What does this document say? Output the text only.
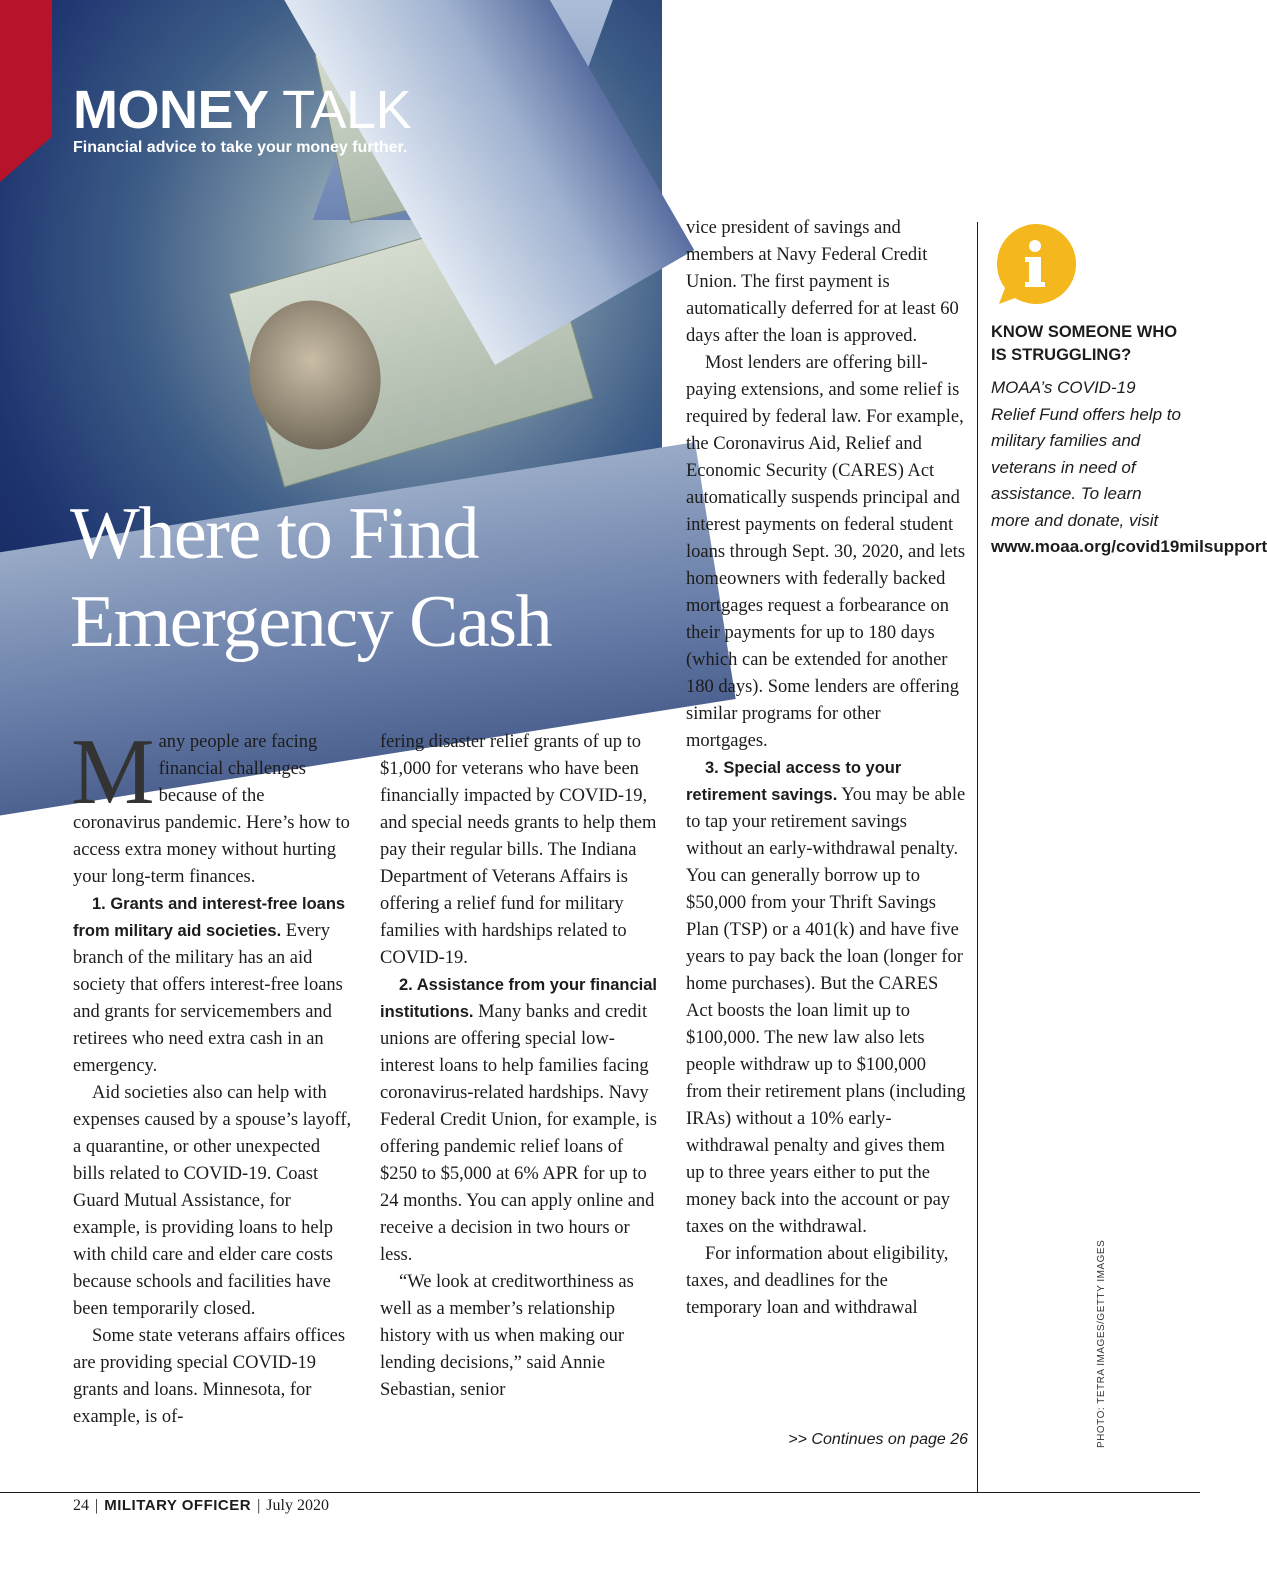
MONEY TALK
Financial advice to take your money further.
Where to Find
Emergency Cash

Many people are facing financial challenges because of the coronavirus pandemic. Here’s how to access extra money without hurting your long-term finances.

1. Grants and interest-free loans from military aid societies. Every branch of the military has an aid society that offers interest-free loans and grants for servicemembers and retirees who need extra cash in an emergency.

Aid societies also can help with expenses caused by a spouse’s layoff, a quarantine, or other unexpected bills related to COVID-19. Coast Guard Mutual Assistance, for example, is providing loans to help with child care and elder care costs because schools and facilities have been temporarily closed.

Some state veterans affairs offices are providing special COVID-19 grants and loans. Minnesota, for example, is of-

fering disaster relief grants of up to $1,000 for veterans who have been financially impacted by COVID-19, and special needs grants to help them pay their regular bills. The Indiana Department of Veterans Affairs is offering a relief fund for military families with hardships related to COVID-19.

2. Assistance from your financial institutions. Many banks and credit unions are offering special low-interest loans to help families facing coronavirus-related hardships. Navy Federal Credit Union, for example, is offering pandemic relief loans of $250 to $5,000 at 6% APR for up to 24 months. You can apply online and receive a decision in two hours or less.

“We look at creditworthiness as well as a member’s relationship history with us when making our lending decisions,” said Annie Sebastian, senior

vice president of savings and members at Navy Federal Credit Union. The first payment is automatically deferred for at least 60 days after the loan is approved.

Most lenders are offering bill-paying extensions, and some relief is required by federal law. For example, the Coronavirus Aid, Relief and Economic Security (CARES) Act automatically suspends principal and interest payments on federal student loans through Sept. 30, 2020, and lets homeowners with federally backed mortgages request a forbearance on their payments for up to 180 days (which can be extended for another 180 days). Some lenders are offering similar programs for other mortgages.

3. Special access to your retirement savings. You may be able to tap your retirement savings without an early-withdrawal penalty. You can generally borrow up to $50,000 from your Thrift Savings Plan (TSP) or a 401(k) and have five years to pay back the loan (longer for home purchases). But the CARES Act boosts the loan limit up to $100,000. The new law also lets people withdraw up to $100,000 from their retirement plans (including IRAs) without a 10% early-withdrawal penalty and gives them up to three years either to put the money back into the account or pay taxes on the withdrawal.

For information about eligibility, taxes, and deadlines for the temporary loan and withdrawal

>> Continues on page 26
KNOW SOMEONE WHO IS STRUGGLING?
MOAA’s COVID-19 Relief Fund offers help to military families and veterans in need of assistance. To learn more and donate, visit
www.moaa.org/covid19milsupport
PHOTO: TETRA IMAGES/GETTY IMAGES
24 | MILITARY OFFICER | July 2020
